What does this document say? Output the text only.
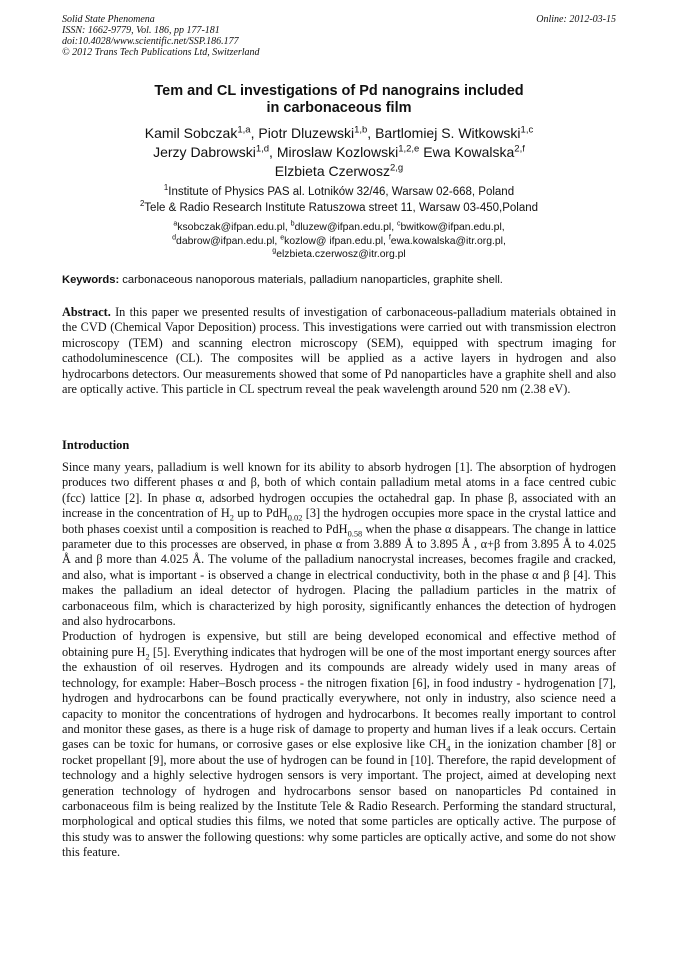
Solid State Phenomena
ISSN: 1662-9779, Vol. 186, pp 177-181
doi:10.4028/www.scientific.net/SSP.186.177
© 2012 Trans Tech Publications Ltd, Switzerland
Online: 2012-03-15
Tem and CL investigations of Pd nanograins included
in carbonaceous film
Kamil Sobczak$^{1,a}$, Piotr Dluzewski$^{1,b}$, Bartlomiej S. Witkowski$^{1,c}$
Jerzy Dabrowski$^{1,d}$, Miroslaw Kozlowski$^{1,2,e}$ Ewa Kowalska$^{2,f}$
Elzbieta Czerwosz$^{2,g}$
$^1$Institute of Physics PAS al. Lotników 32/46, Warsaw 02-668, Poland
$^2$Tele & Radio Research Institute Ratuszowa street 11, Warsaw 03-450,Poland
$^a$ksobczak@ifpan.edu.pl, $^b$dluzew@ifpan.edu.pl, $^c$bwitkow@ifpan.edu.pl,
$^d$dabrow@ifpan.edu.pl, $^e$kozlow@ ifpan.edu.pl, $^f$ewa.kowalska@itr.org.pl,
$^g$elzbieta.czerwosz@itr.org.pl
Keywords: carbonaceous nanoporous materials, palladium nanoparticles, graphite shell.
Abstract. In this paper we presented results of investigation of carbonaceous-palladium materials obtained in the CVD (Chemical Vapor Deposition) process. This investigations were carried out with transmission electron microscopy (TEM) and scanning electron microscopy (SEM), equipped with spectrum imaging for cathodoluminescence (CL). The composites will be applied as a active layers in hydrogen and also hydrocarbons detectors. Our measurements showed that some of Pd nanoparticles have a graphite shell and also are optically active. This particle in CL spectrum reveal the peak wavelength around 520 nm (2.38 eV).
Introduction

Since many years, palladium is well known for its ability to absorb hydrogen [1]. The absorption of hydrogen produces two different phases α and β, both of which contain palladium metal atoms in a face centred cubic (fcc) lattice [2]. In phase α, adsorbed hydrogen occupies the octahedral gap. In phase β, associated with an increase in the concentration of $H_2$ up to PdH$_{0.02}$ [3] the hydrogen occupies more space in the crystal lattice and both phases coexist until a composition is reached to PdH$_{0.58}$ when the phase α disappears. The change in lattice parameter due to this processes are observed, in phase α from 3.889 Å to 3.895 Å , α+β from 3.895 Å to 4.025 Å and β more than 4.025 Å. The volume of the palladium nanocrystal increases, becomes fragile and cracked, and also, what is important - is observed a change in electrical conductivity, both in the phase α and β [4]. This makes the palladium an ideal detector of hydrogen. Placing the palladium particles in the matrix of carbonaceous film, which is characterized by high porosity, significantly enhances the detection of hydrogen and also hydrocarbons.

Production of hydrogen is expensive, but still are being developed economical and effective method of obtaining pure $H_2$ [5]. Everything indicates that hydrogen will be one of the most important energy sources after the exhaustion of oil reserves. Hydrogen and its compounds are already widely used in many areas of technology, for example: Haber–Bosch process - the nitrogen fixation [6], in food industry - hydrogenation [7], hydrogen and hydrocarbons can be found practically everywhere, not only in industry, also science need a capacity to monitor the concentrations of hydrogen and hydrocarbons. It becomes really important to control and monitor these gases, as there is a huge risk of damage to property and human lives if a leak occurs. Certain gases can be toxic for humans, or corrosive gases or else explosive like $CH_4$ in the ionization chamber [8] or rocket propellant [9], more about the use of hydrogen can be found in [10]. Therefore, the rapid development of technology and a highly selective hydrogen sensors is very important. The project, aimed at developing next generation technology of hydrogen and hydrocarbons sensor based on nanoparticles Pd contained in carbonaceous film is being realized by the Institute Tele & Radio Research. Performing the standard structural, morphological and optical studies this films, we noted that some particles are optically active. The purpose of this study was to answer the following questions: why some particles are optically active, and some do not show this feature.
